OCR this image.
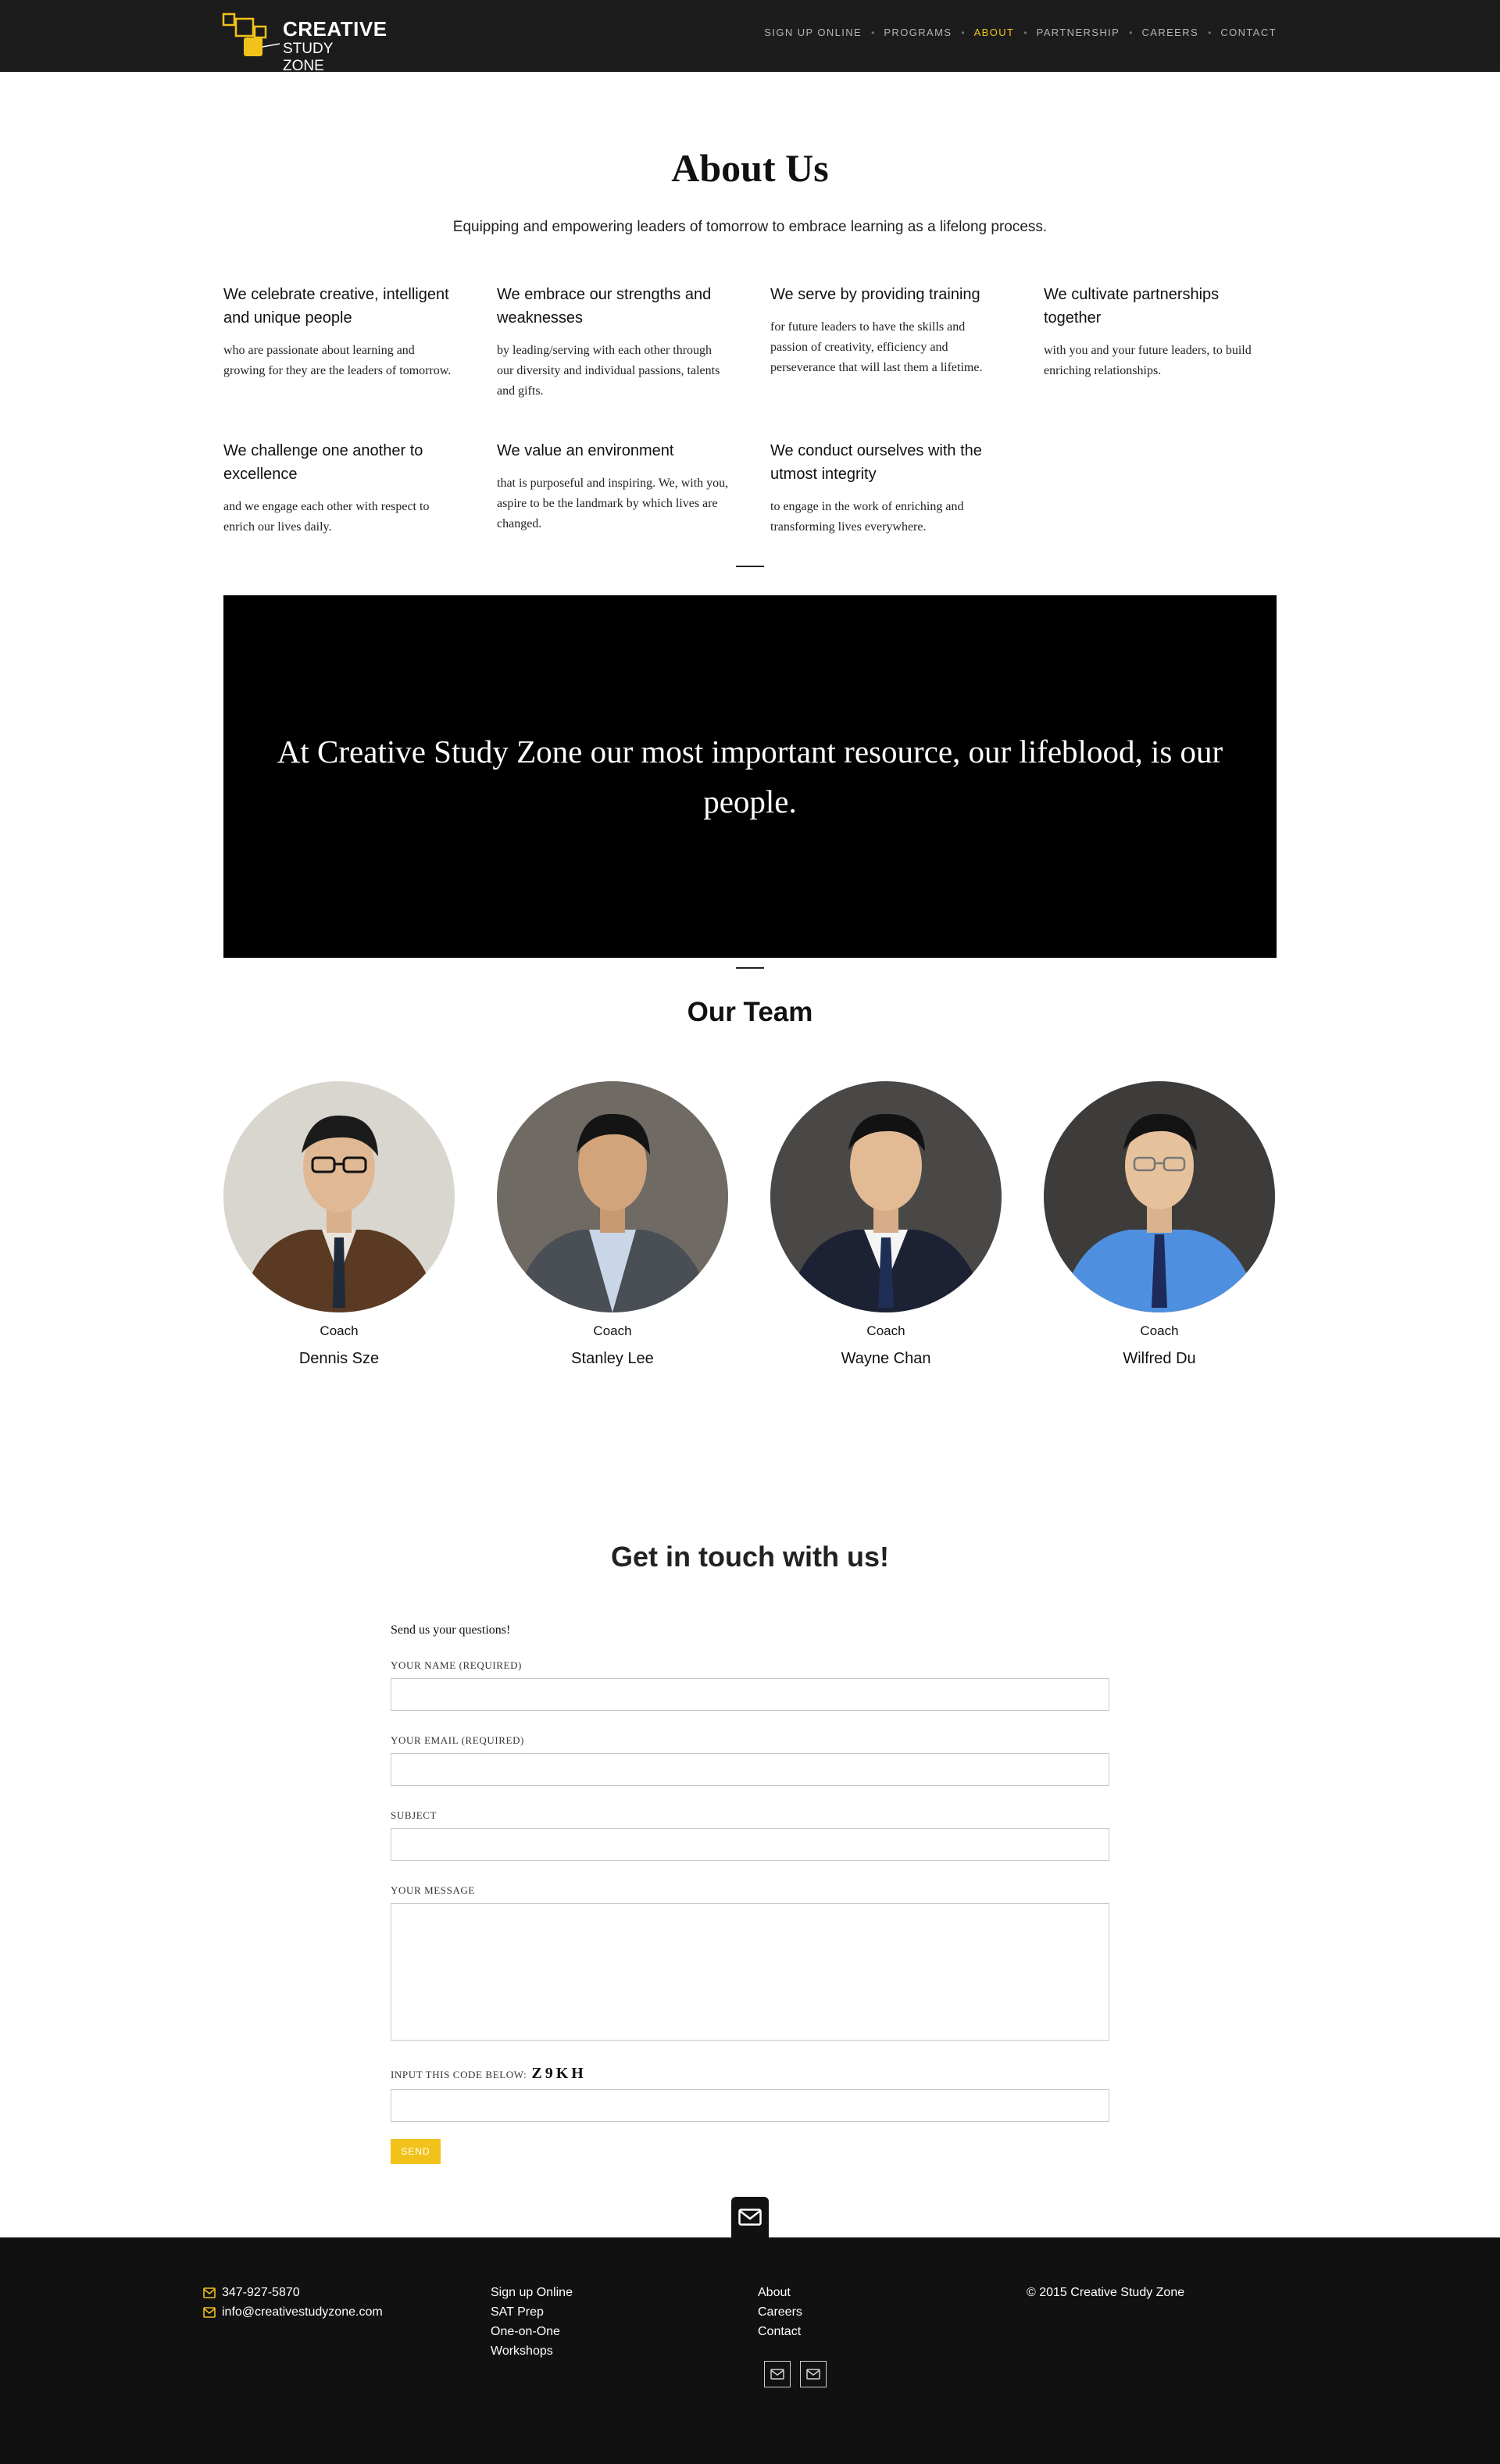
CREATIVE
STUDY ZONE
SIGN UP ONLINE • PROGRAMS • ABOUT • PARTNERSHIP • CAREERS • CONTACT
About Us

Equipping and empowering leaders of tomorrow to embrace learning as a lifelong process.

We celebrate creative, intelligent and unique people

who are passionate about learning and growing for they are the leaders of tomorrow.

We embrace our strengths and weaknesses

by leading/serving with each other through our diversity and individual passions, talents and gifts.

We serve by providing training

for future leaders to have the skills and passion of creativity, efficiency and perseverance that will last them a lifetime.

We cultivate partnerships together

with you and your future leaders, to build enriching relationships.

We challenge one another to excellence

and we engage each other with respect to enrich our lives daily.

We value an environment

that is purposeful and inspiring. We, with you, aspire to be the landmark by which lives are changed.

We conduct ourselves with the utmost integrity

to engage in the work of enriching and transforming lives everywhere.

At Creative Study Zone our most important resource, our lifeblood, is our people.

Our Team
Coach
Dennis Sze
Coach
Stanley Lee
Coach
Wayne Chan
Coach
Wilfred Du
Get in touch with us!

Send us your questions!

YOUR NAME (REQUIRED)
YOUR EMAIL (REQUIRED)
SUBJECT
YOUR MESSAGE
INPUT THIS CODE BELOW: Z9KH
SEND
347-927-5870
info@creativestudyzone.com
Sign up Online
SAT Prep
One-on-One
Workshops
About
Careers
Contact
© 2015 Creative Study Zone
